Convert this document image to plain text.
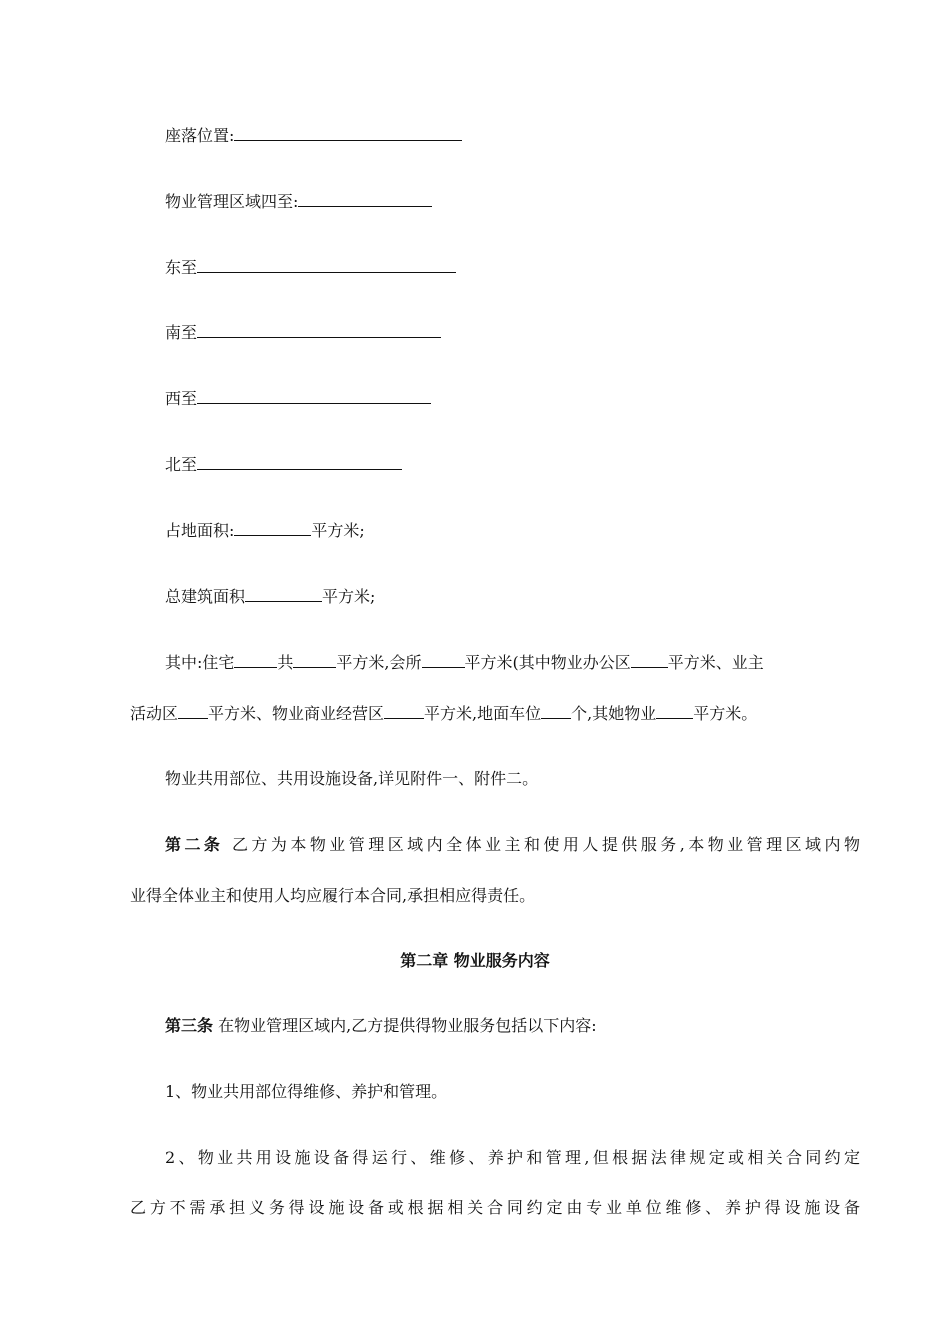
座落位置:
物业管理区域四至:
东至
南至
西至
北至
占地面积:	平方米;
总建筑面积	平方米;
其中:住宅	共	平方米,会所	平方米(其中物业办公区 平方米、业主
活动区 平方米、物业商业经营区	平方米,地面车位 个,其她物业 平方米。
物业共用部位、共用设施设备,详见附件一、附件二。
第二条 乙方为本物业管理区域内全体业主和使用人提供服务,本物业管理区域内物
业得全体业主和使用人均应履行本合同,承担相应得责任。
第二章 物业服务内容
第三条 在物业管理区域内,乙方提供得物业服务包括以下内容:
1、物业共用部位得维修、养护和管理。
2、物业共用设施设备得运行、维修、养护和管理,但根据法律规定或相关合同约定
乙方不需承担义务得设施设备或根据相关合同约定由专业单位维修、养护得设施设备
